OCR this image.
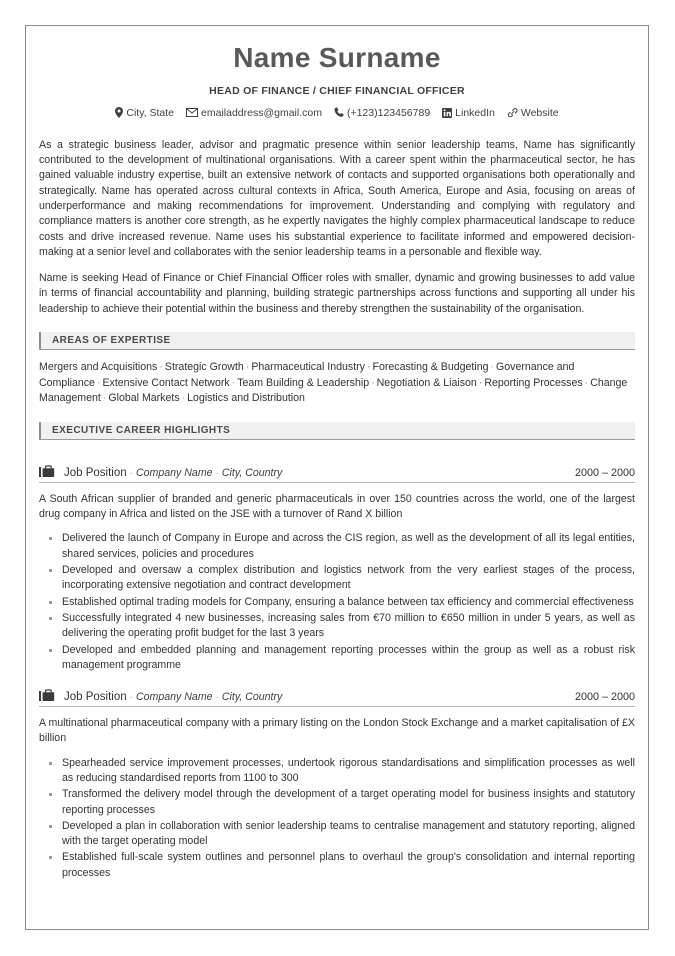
Name Surname
HEAD OF FINANCE / CHIEF FINANCIAL OFFICER
City, State	emailaddress@gmail.com (+123)123456789 LinkedIn Website

As a strategic business leader, advisor and pragmatic presence within senior leadership teams, Name has significantly contributed to the development of multinational organisations. With a career spent within the pharmaceutical sector, he has gained valuable industry expertise, built an extensive network of contacts and supported organisations both operationally and strategically. Name has operated across cultural contexts in Africa, South America, Europe and Asia, focusing on areas of underperformance and making recommendations for improvement. Understanding and complying with regulatory and compliance matters is another core strength, as he expertly navigates the highly complex pharmaceutical landscape to reduce costs and drive increased revenue. Name uses his substantial experience to facilitate informed and empowered decision-making at a senior level and collaborates with the senior leadership teams in a personable and flexible way.

Name is seeking Head of Finance or Chief Financial Officer roles with smaller, dynamic and growing businesses to add value in terms of financial accountability and planning, building strategic partnerships across functions and supporting all under his leadership to achieve their potential within the business and thereby strengthen the sustainability of the organisation.

AREAS OF EXPERTISE
Mergers and Acquisitions · Strategic Growth · Pharmaceutical Industry · Forecasting & Budgeting · Governance and Compliance · Extensive Contact Network · Team Building & Leadership · Negotiation & Liaison · Reporting Processes · Change Management · Global Markets · Logistics and Distribution
EXECUTIVE CAREER HIGHLIGHTS
Job Position · Company Name · City, Country	2000 – 2000
A South African supplier of branded and generic pharmaceuticals in over 150 countries across the world, one of the largest drug company in Africa and listed on the JSE with a turnover of Rand X billion
Delivered the launch of Company in Europe and across the CIS region, as well as the development of all its legal entities, shared services, policies and procedures
Developed and oversaw a complex distribution and logistics network from the very earliest stages of the process, incorporating extensive negotiation and contract development
Established optimal trading models for Company, ensuring a balance between tax efficiency and commercial effectiveness
Successfully integrated 4 new businesses, increasing sales from €70 million to €650 million in under 5 years, as well as delivering the operating profit budget for the last 3 years
Developed and embedded planning and management reporting processes within the group as well as a robust risk management programme
Job Position · Company Name · City, Country	2000 – 2000
A multinational pharmaceutical company with a primary listing on the London Stock Exchange and a market capitalisation of £X billion
Spearheaded service improvement processes, undertook rigorous standardisations and simplification processes as well as reducing standardised reports from 1100 to 300
Transformed the delivery model through the development of a target operating model for business insights and statutory reporting processes
Developed a plan in collaboration with senior leadership teams to centralise management and statutory reporting, aligned with the target operating model
Established full-scale system outlines and personnel plans to overhaul the group's consolidation and internal reporting processes
